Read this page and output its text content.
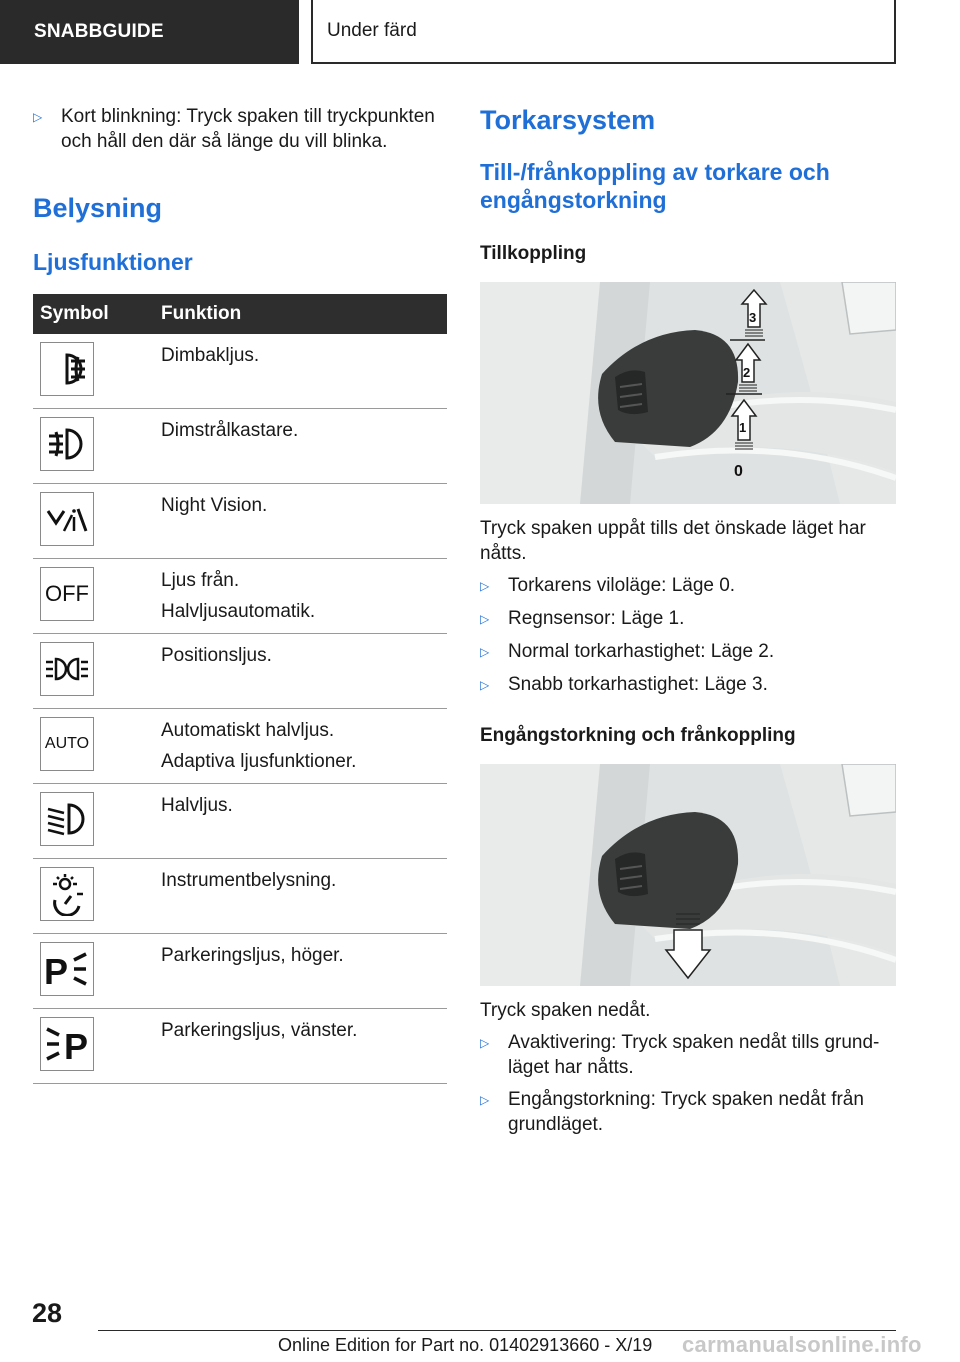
SNABBGUIDE	Under färd
▷ Kort blinkning: Tryck spaken till tryckpunkten och håll den där så länge du vill blinka.
Belysning
Ljusfunktioner
Symbol	Funktion

Dimbakljus.

Dimstrålkastare.

Night Vision.

OFF	Ljus från.
Halvljusautomatik.

Positionsljus.

AUTO	Automatiskt halvljus.
Adaptiva ljusfunktioner.

Halvljus.

Instrumentbelysning.

P	Parkeringsljus, höger.

P	Parkeringsljus, vänster.
Torkarsystem
Till-/frånkoppling av torkare och engångstorkning
Tillkoppling
3
2
1
0

Tryck spaken uppåt tills det önskade läget har nåtts.

▷ Torkarens viloläge: Läge 0.
▷ Regnsensor: Läge 1.
▷ Normal torkarhastighet: Läge 2.
▷ Snabb torkarhastighet: Läge 3.
Engångstorkning och frånkoppling

Tryck spaken nedåt.

▷ Avaktivering: Tryck spaken nedåt tills grund-läget har nåtts.
▷ Engångstorkning: Tryck spaken nedåt från grundläget.
28
Online Edition for Part no. 01402913660 - X/19 carmanualsonline.info
